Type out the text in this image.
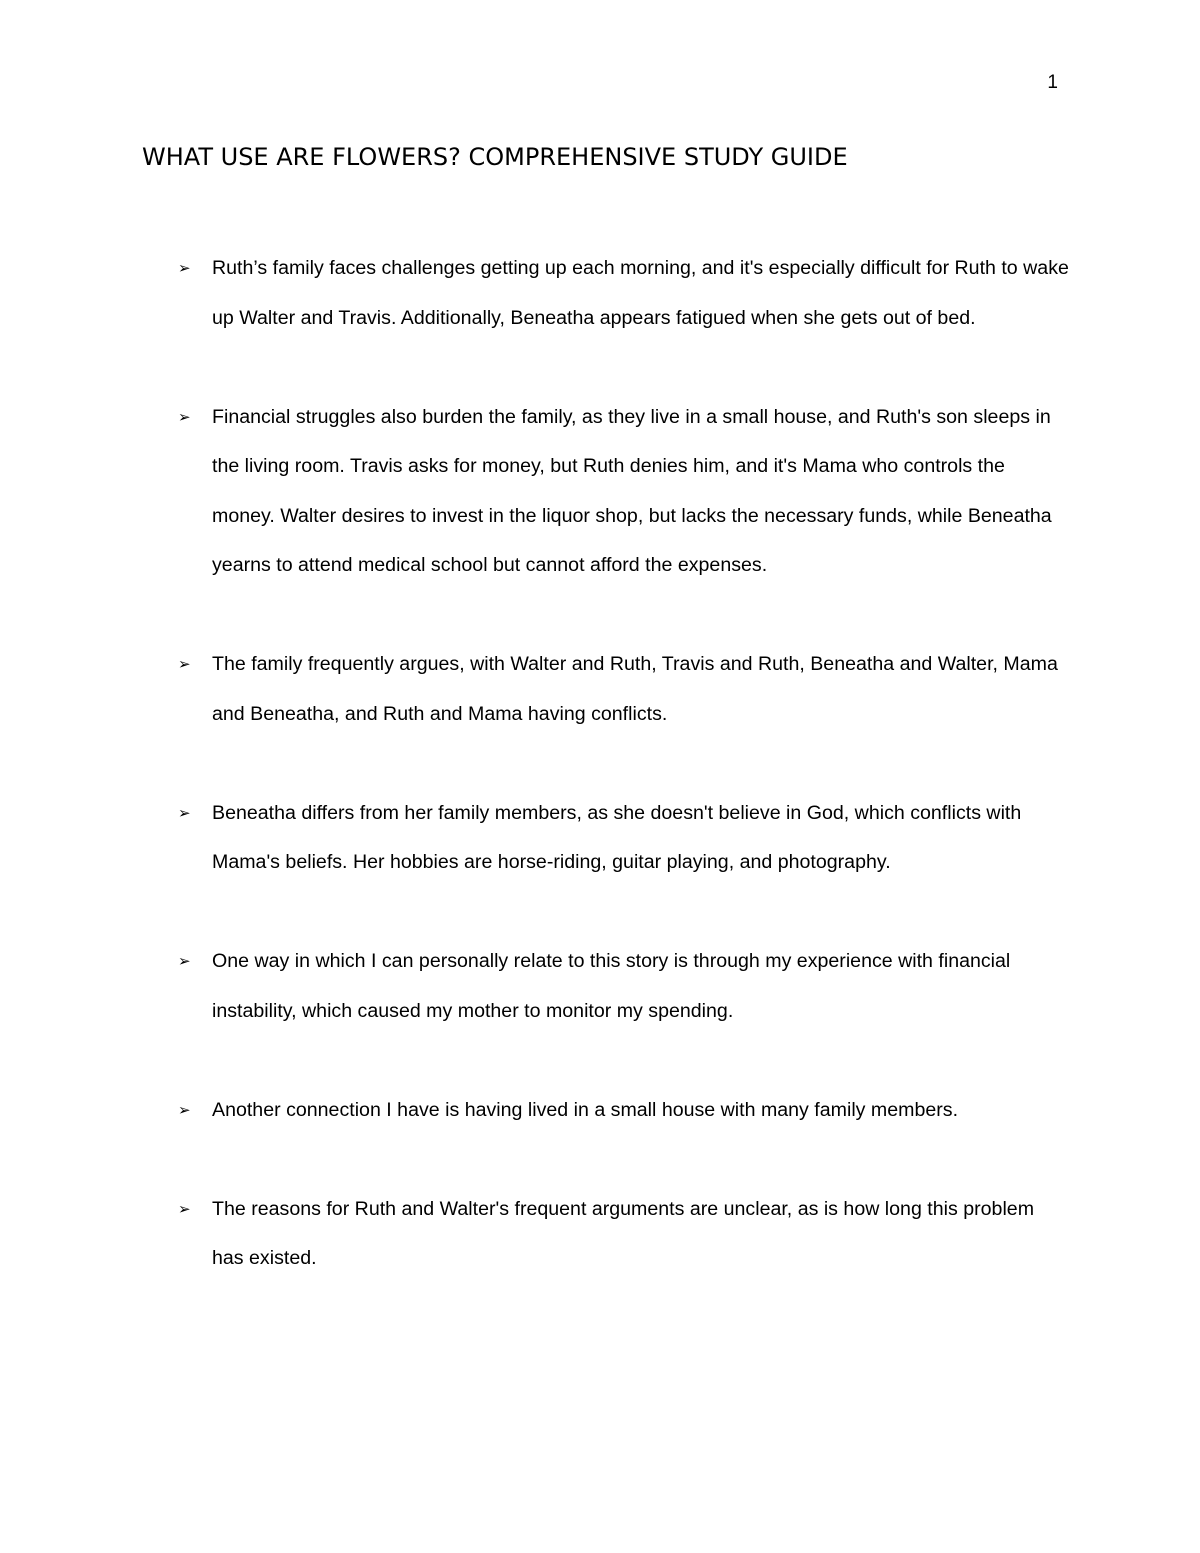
1
WHAT USE ARE FLOWERS? COMPREHENSIVE STUDY GUIDE
➢ Ruth’s family faces challenges getting up each morning, and it's especially difficult for Ruth to wake up Walter and Travis. Additionally, Beneatha appears fatigued when she gets out of bed.
➢ Financial struggles also burden the family, as they live in a small house, and Ruth's son sleeps in the living room. Travis asks for money, but Ruth denies him, and it's Mama who controls the money. Walter desires to invest in the liquor shop, but lacks the necessary funds, while Beneatha yearns to attend medical school but cannot afford the expenses.
➢ The family frequently argues, with Walter and Ruth, Travis and Ruth, Beneatha and Walter, Mama and Beneatha, and Ruth and Mama having conflicts.
➢ Beneatha differs from her family members, as she doesn't believe in God, which conflicts with Mama's beliefs. Her hobbies are horse-riding, guitar playing, and photography.
➢ One way in which I can personally relate to this story is through my experience with financial instability, which caused my mother to monitor my spending.
➢ Another connection I have is having lived in a small house with many family members.
➢ The reasons for Ruth and Walter's frequent arguments are unclear, as is how long this problem has existed.
